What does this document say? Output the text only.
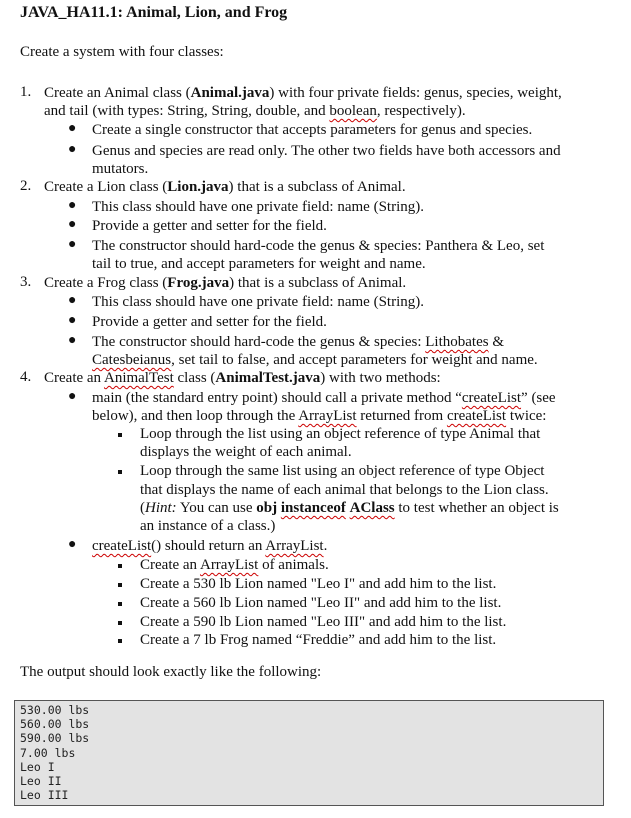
JAVA_HA11.1: Animal, Lion, and Frog
Create a system with four classes:
1. Create an Animal class (Animal.java) with four private fields: genus, species, weight,
and tail (with types: String, String, double, and boolean, respectively).
● Create a single constructor that accepts parameters for genus and species.
● Genus and species are read only. The other two fields have both accessors and
mutators.
2. Create a Lion class (Lion.java) that is a subclass of Animal.
● This class should have one private field: name (String).
● Provide a getter and setter for the field.
● The constructor should hard-code the genus & species: Panthera & Leo, set
tail to true, and accept parameters for weight and name.
3. Create a Frog class (Frog.java) that is a subclass of Animal.
● This class should have one private field: name (String).
● Provide a getter and setter for the field.
● The constructor should hard-code the genus & species: Lithobates &
Catesbeianus, set tail to false, and accept parameters for weight and name.
4. Create an AnimalTest class (AnimalTest.java) with two methods:
● main (the standard entry point) should call a private method “createList” (see
below), and then loop through the ArrayList returned from createList twice:
Loop through the list using an object reference of type Animal that
displays the weight of each animal.
Loop through the same list using an object reference of type Object
that displays the name of each animal that belongs to the Lion class.
(Hint: You can use obj instanceof AClass to test whether an object is
an instance of a class.)
● createList() should return an ArrayList.
Create an ArrayList of animals.
Create a 530 lb Lion named "Leo I" and add him to the list.
Create a 560 lb Lion named "Leo II" and add him to the list.
Create a 590 lb Lion named "Leo III" and add him to the list.
Create a 7 lb Frog named “Freddie” and add him to the list.
The output should look exactly like the following:
530.00 lbs
560.00 lbs
590.00 lbs
7.00 lbs
Leo I
Leo II
Leo III
